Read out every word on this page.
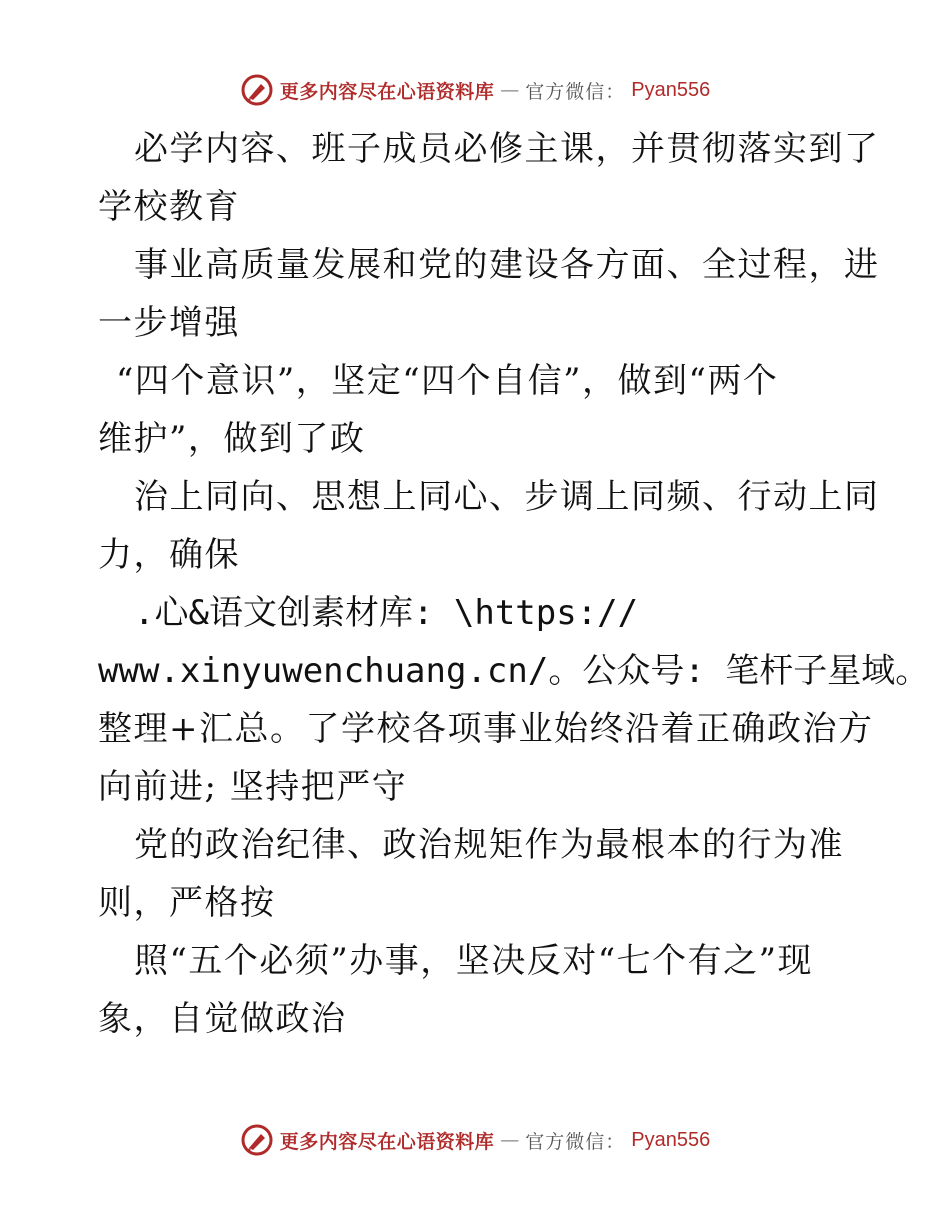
更多内容尽在心语资料库 — 官方微信： Pyan556
必学内容、班子成员必修主课，并贯彻落实到了
学校教育
事业高质量发展和党的建设各方面、全过程，进
一步增强
“四个意识”，坚定“四个自信”，做到“两个
维护”，做到了政
治上同向、思想上同心、步调上同频、行动上同
力，确保
.心&语文创素材库: \https://
www.xinyuwenchuang.cn/。公众号: 笔杆子星域。
整理+汇总。了学校各项事业始终沿着正确政治方
向前进; 坚持把严守
党的政治纪律、政治规矩作为最根本的行为准
则，严格按
照“五个必须”办事，坚决反对“七个有之”现
象，自觉做政治
更多内容尽在心语资料库 — 官方微信： Pyan556
